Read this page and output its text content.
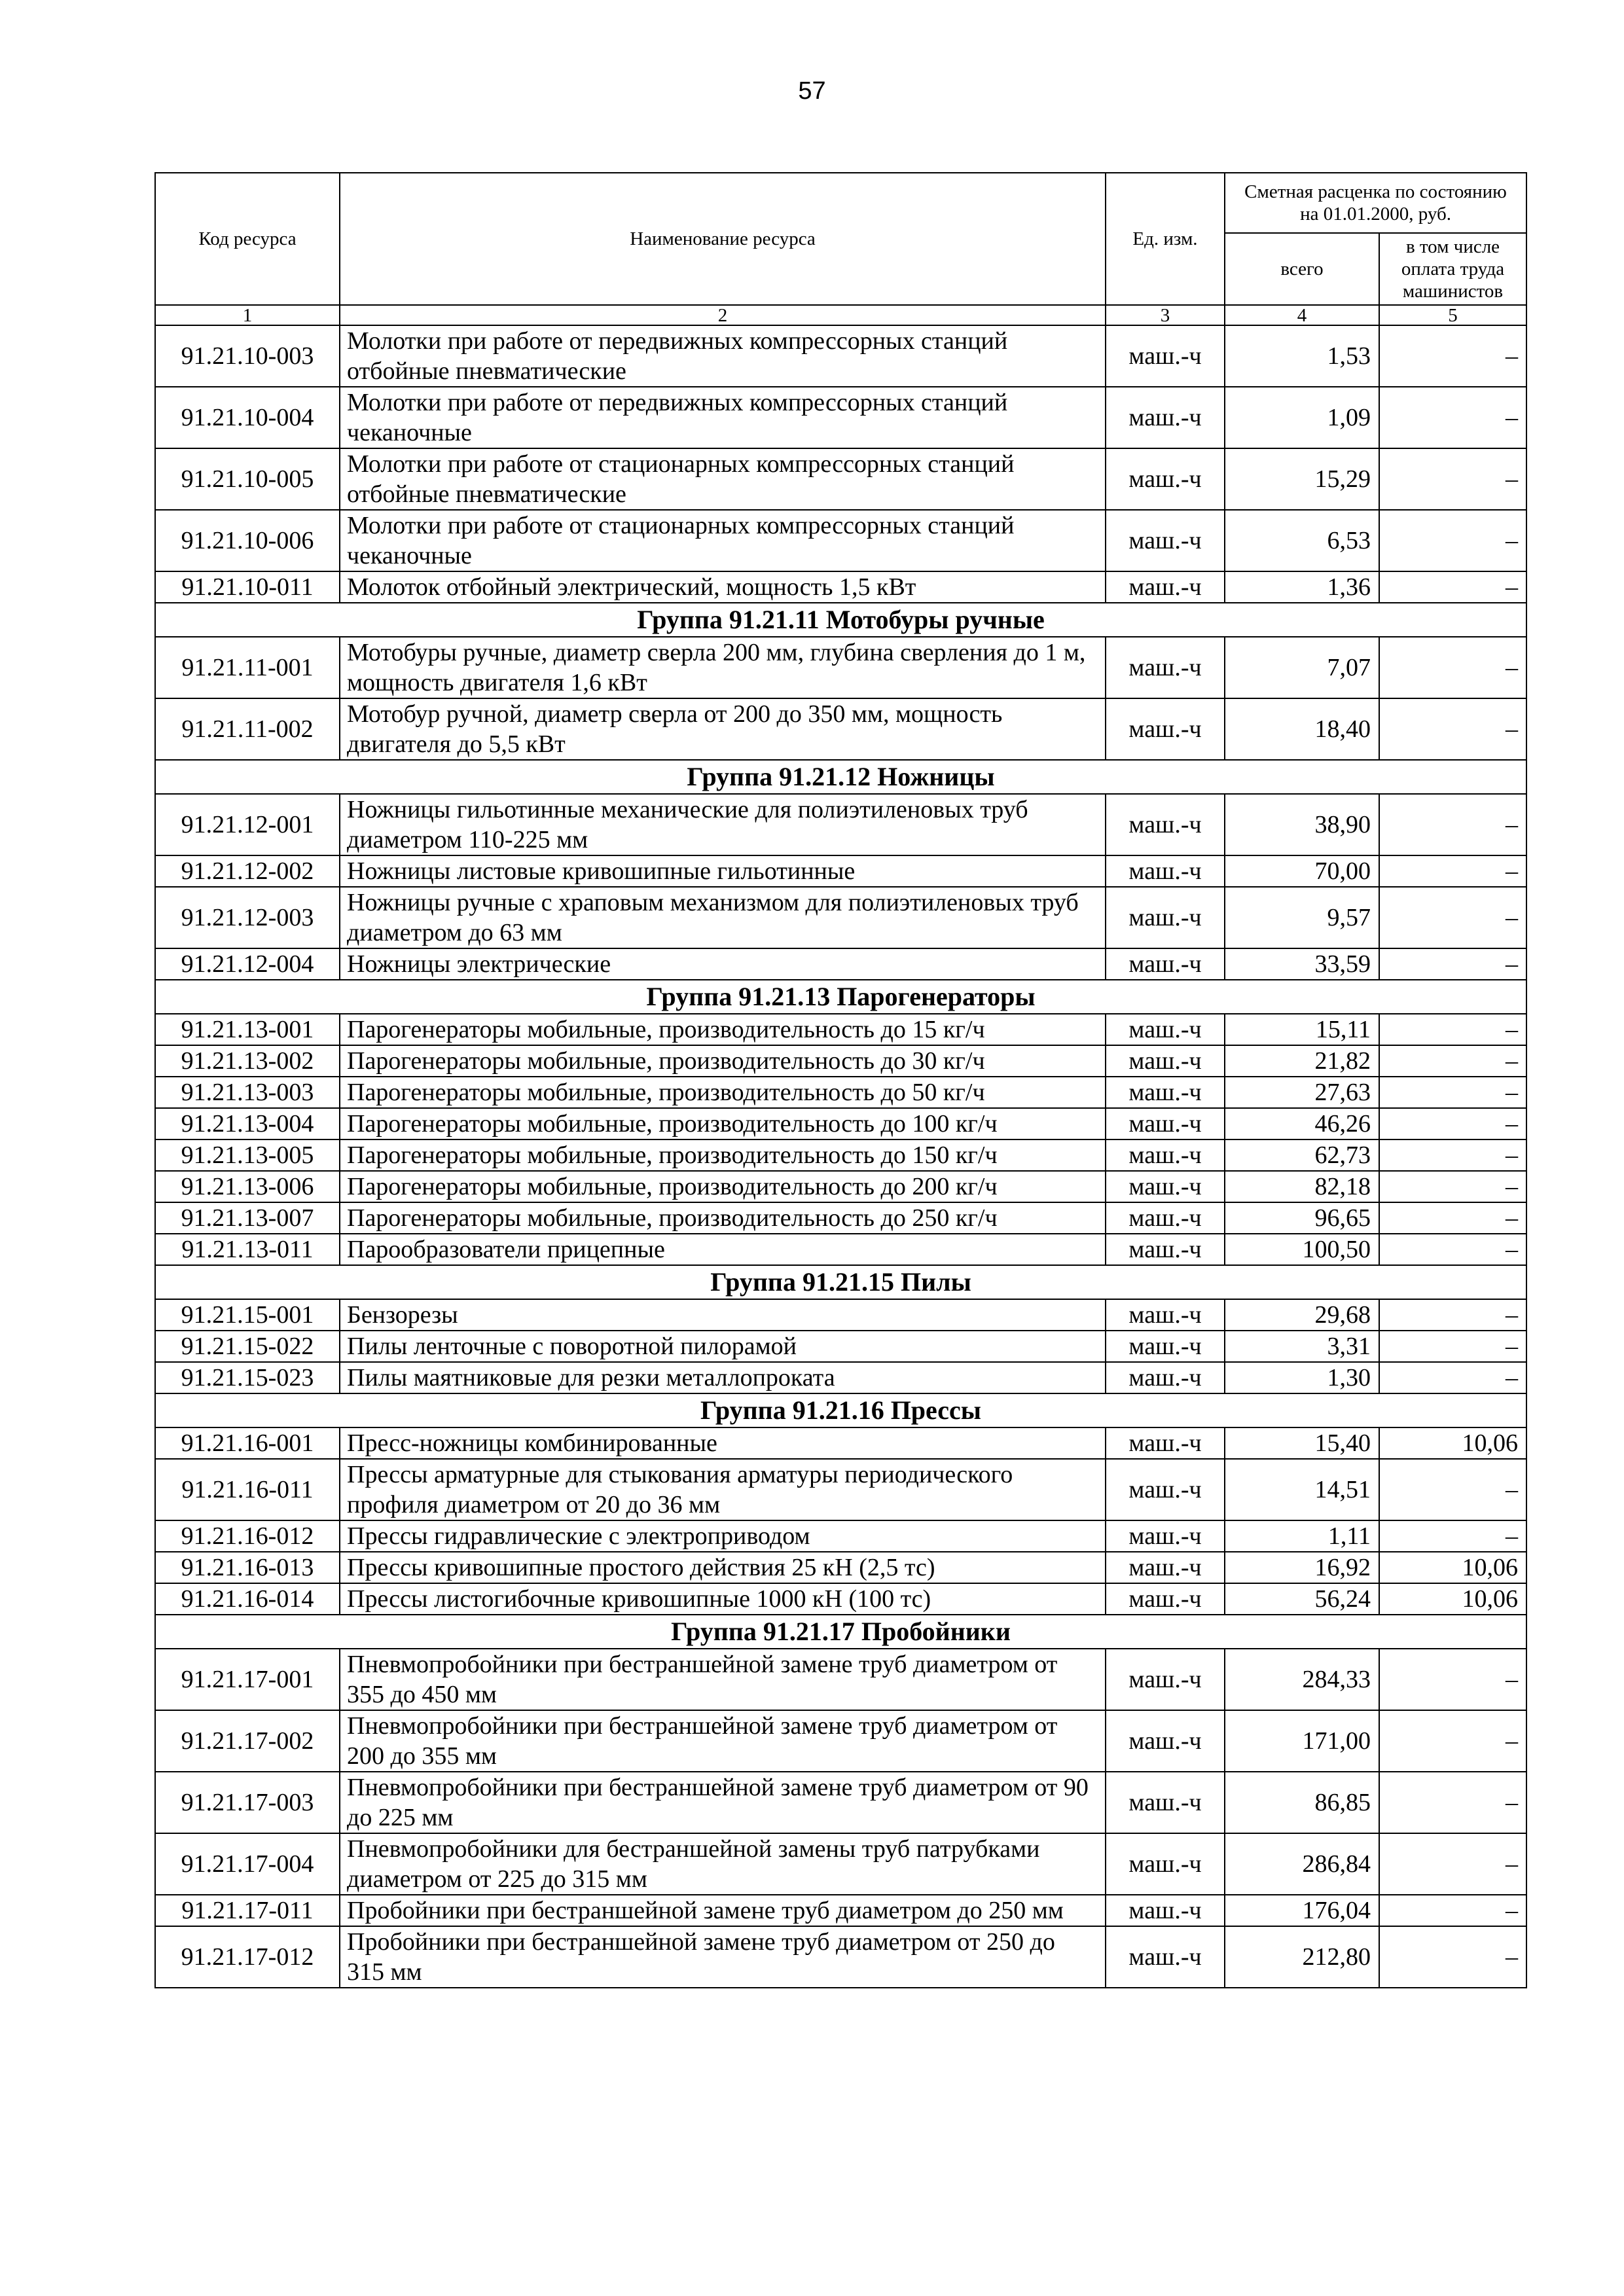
57
Код ресурса	Наименование ресурса	Ед. изм.	Сметная расценка по состоянию на 01.01.2000, руб.	
			всего	в том числе оплата труда машинистов
1	2	3	4	5
91.21.10-003	Молотки при работе от передвижных компрессорных станций отбойные пневматические	маш.-ч	1,53	–
91.21.10-004	Молотки при работе от передвижных компрессорных станций чеканочные	маш.-ч	1,09	–
91.21.10-005	Молотки при работе от стационарных компрессорных станций отбойные пневматические	маш.-ч	15,29	–
91.21.10-006	Молотки при работе от стационарных компрессорных станций чеканочные	маш.-ч	6,53	–
91.21.10-011	Молоток отбойный электрический, мощность 1,5 кВт	маш.-ч	1,36	–
Группа 91.21.11 Мотобуры ручные				
91.21.11-001	Мотобуры ручные, диаметр сверла 200 мм, глубина сверления до 1 м, мощность двигателя 1,6 кВт	маш.-ч	7,07	–
91.21.11-002	Мотобур ручной, диаметр сверла от 200 до 350 мм, мощность двигателя до 5,5 кВт	маш.-ч	18,40	–
Группа 91.21.12 Ножницы				
91.21.12-001	Ножницы гильотинные механические для полиэтиленовых труб диаметром 110-225 мм	маш.-ч	38,90	–
91.21.12-002	Ножницы листовые кривошипные гильотинные	маш.-ч	70,00	–
91.21.12-003	Ножницы ручные с храповым механизмом для полиэтиленовых труб диаметром до 63 мм	маш.-ч	9,57	–
91.21.12-004	Ножницы электрические	маш.-ч	33,59	–
Группа 91.21.13 Парогенераторы				
91.21.13-001	Парогенераторы мобильные, производительность до 15 кг/ч	маш.-ч	15,11	–
91.21.13-002	Парогенераторы мобильные, производительность до 30 кг/ч	маш.-ч	21,82	–
91.21.13-003	Парогенераторы мобильные, производительность до 50 кг/ч	маш.-ч	27,63	–
91.21.13-004	Парогенераторы мобильные, производительность до 100 кг/ч	маш.-ч	46,26	–
91.21.13-005	Парогенераторы мобильные, производительность до 150 кг/ч	маш.-ч	62,73	–
91.21.13-006	Парогенераторы мобильные, производительность до 200 кг/ч	маш.-ч	82,18	–
91.21.13-007	Парогенераторы мобильные, производительность до 250 кг/ч	маш.-ч	96,65	–
91.21.13-011	Парообразователи прицепные	маш.-ч	100,50	–
Группа 91.21.15 Пилы				
91.21.15-001	Бензорезы	маш.-ч	29,68	–
91.21.15-022	Пилы ленточные с поворотной пилорамой	маш.-ч	3,31	–
91.21.15-023	Пилы маятниковые для резки металлопроката	маш.-ч	1,30	–
Группа 91.21.16 Прессы				
91.21.16-001	Пресс-ножницы комбинированные	маш.-ч	15,40	10,06
91.21.16-011	Прессы арматурные для стыкования арматуры периодического профиля диаметром от 20 до 36 мм	маш.-ч	14,51	–
91.21.16-012	Прессы гидравлические с электроприводом	маш.-ч	1,11	–
91.21.16-013	Прессы кривошипные простого действия 25 кН (2,5 тс)	маш.-ч	16,92	10,06
91.21.16-014	Прессы листогибочные кривошипные 1000 кН (100 тс)	маш.-ч	56,24	10,06
Группа 91.21.17 Пробойники				
91.21.17-001	Пневмопробойники при бестраншейной замене труб диаметром от 355 до 450 мм	маш.-ч	284,33	–
91.21.17-002	Пневмопробойники при бестраншейной замене труб диаметром от 200 до 355 мм	маш.-ч	171,00	–
91.21.17-003	Пневмопробойники при бестраншейной замене труб диаметром от 90 до 225 мм	маш.-ч	86,85	–
91.21.17-004	Пневмопробойники для бестраншейной замены труб патрубками диаметром от 225 до 315 мм	маш.-ч	286,84	–
91.21.17-011	Пробойники при бестраншейной замене труб диаметром до 250 мм	маш.-ч	176,04	–
91.21.17-012	Пробойники при бестраншейной замене труб диаметром от 250 до 315 мм	маш.-ч	212,80	–
